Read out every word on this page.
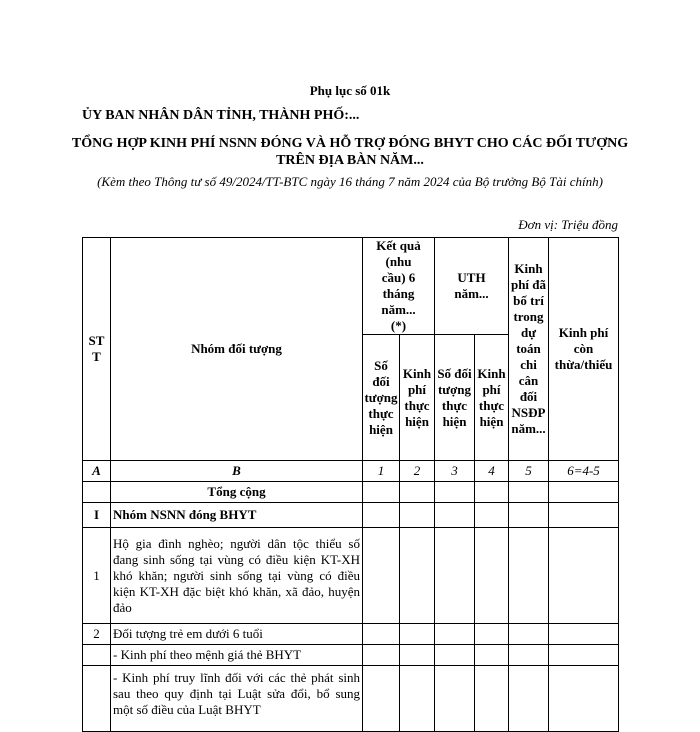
Phụ lục số 01k
ỦY BAN NHÂN DÂN TỈNH, THÀNH PHỐ:...
TỔNG HỢP KINH PHÍ NSNN ĐÓNG VÀ HỖ TRỢ ĐÓNG BHYT CHO CÁC ĐỐI TƯỢNG TRÊN ĐỊA BÀN NĂM...
(Kèm theo Thông tư số 49/2024/TT-BTC ngày 16 tháng 7 năm 2024 của Bộ trưởng Bộ Tài chính)
Đơn vị: Triệu đồng
STT	Nhóm đối tượng	Kết quả (nhu cầu) 6 tháng năm... (*)		UTH năm...		Kinh phí đã bố trí trong dự toán chi cân đối NSĐP năm...	Kinh phí còn thừa/thiếu
		Số đối tượng thực hiện	Kinh phí thực hiện	Số đối tượng thực hiện	Kinh phí thực hiện		
A	B	1	2	3	4	5	6=4-5
	Tổng cộng						
I	Nhóm NSNN đóng BHYT						
1	Hộ gia đình nghèo; người dân tộc thiểu số đang sinh sống tại vùng có điều kiện KT-XH khó khăn; người sinh sống tại vùng có điều kiện KT-XH đặc biệt khó khăn, xã đảo, huyện đảo						
2	Đối tượng trẻ em dưới 6 tuổi						
	- Kinh phí theo mệnh giá thẻ BHYT						
	- Kinh phí truy lĩnh đối với các thẻ phát sinh sau theo quy định tại Luật sửa đổi, bổ sung một số điều của Luật BHYT						
